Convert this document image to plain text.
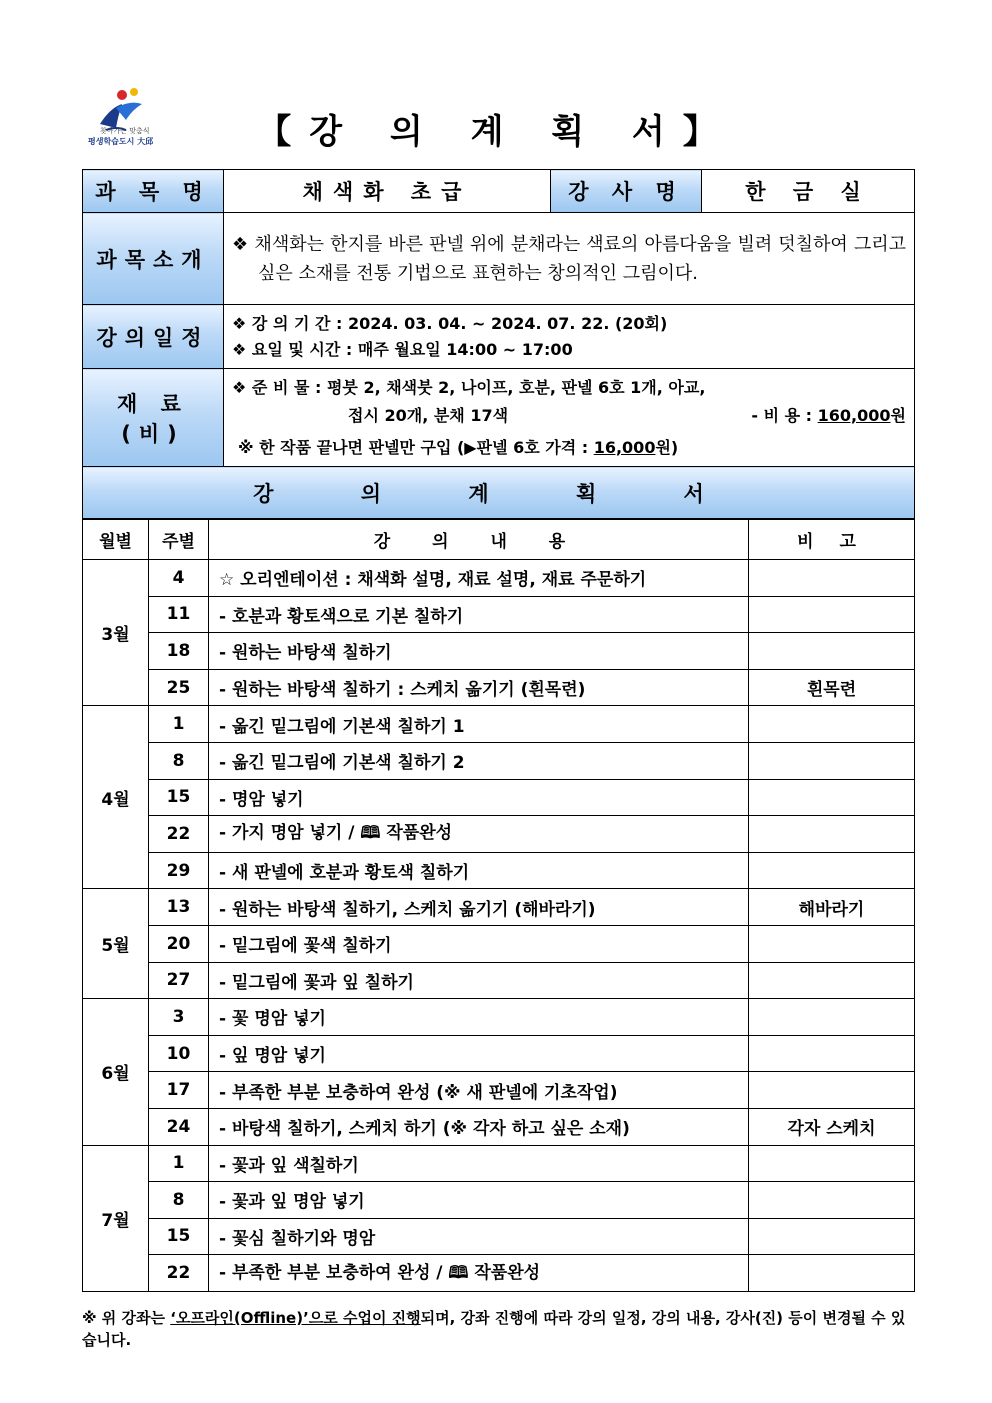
찾아가는 맞춤식
평생학습도시 大邱	【강 의 계 획 서】
과 목 명	채색화 초급	강 사 명	한 금 실
과목소개	❖ 채색화는 한지를 바른 판넬 위에 분채라는 색료의 아름다움을 빌려 덧칠하여 그리고 싶은 소재를 전통 기법으로 표현하는 창의적인 그림이다.		

강의일정	❖ 강 의 기 간 : 2024. 03. 04. ~ 2024. 07. 22. (20회)
❖ 요일 및 시간 : 매주 월요일 14:00 ~ 17:00		

재 료 (비)	❖ 준 비 물 : 평붓 2, 채색붓 2, 나이프, 호분, 판넬 6호 1개, 아교,
접시 20개, 분채 17색 - 비 용 : 160,000원
※ 한 작품 끝나면 판넬만 구입 (▶판넬 6호 가격 : 16,000원)		

강 의 계 획 서			
월별	주별	강 의 내 용	비 고
3월	4	☆ 오리엔테이션 : 채색화 설명, 재료 설명, 재료 주문하기	
	11	- 호분과 황토색으로 기본 칠하기	
	18	- 원하는 바탕색 칠하기	
	25	- 원하는 바탕색 칠하기 : 스케치 옮기기 (흰목련)	흰목련
4월	1	- 옮긴 밑그림에 기본색 칠하기 1	
	8	- 옮긴 밑그림에 기본색 칠하기 2	
	15	- 명암 넣기	
	22	- 가지 명암 넣기 / 🕮 작품완성	
	29	- 새 판넬에 호분과 황토색 칠하기	
5월	13	- 원하는 바탕색 칠하기, 스케치 옮기기 (해바라기)	해바라기
	20	- 밑그림에 꽃색 칠하기	
	27	- 밑그림에 꽃과 잎 칠하기	
6월	3	- 꽃 명암 넣기	
	10	- 잎 명암 넣기	
	17	- 부족한 부분 보충하여 완성 (※ 새 판넬에 기초작업)	
	24	- 바탕색 칠하기, 스케치 하기 (※ 각자 하고 싶은 소재)	각자 스케치
7월	1	- 꽃과 잎 색칠하기	
	8	- 꽃과 잎 명암 넣기	
	15	- 꽃심 칠하기와 명암	
	22	- 부족한 부분 보충하여 완성 / 🕮 작품완성	
※ 위 강좌는 ‘오프라인(Offline)’으로 수업이 진행되며, 강좌 진행에 따라 강의 일정, 강의 내용, 강사(진) 등이 변경될 수 있습니다.
